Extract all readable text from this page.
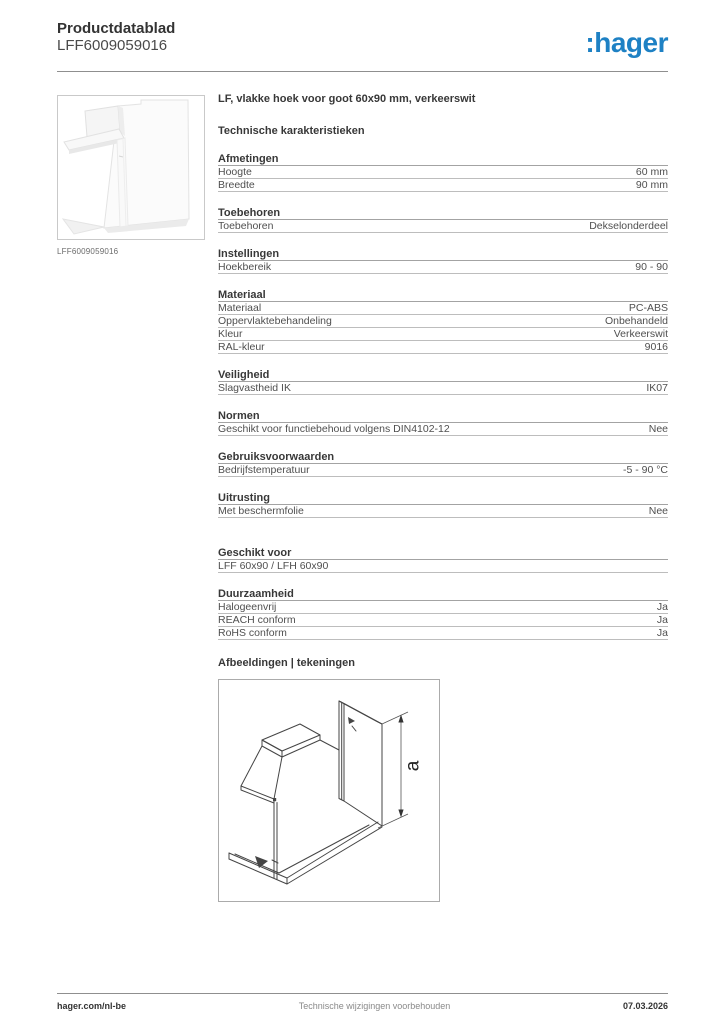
Productdatablad
LFF6009059016	:hager
LFF6009059016
LF, vlakke hoek voor goot 60x90 mm, verkeerswit
Technische karakteristieken
Afmetingen
Hoogte	60 mm
Breedte	90 mm
Toebehoren
Toebehoren	Dekselonderdeel
Instellingen
Hoekbereik	90 - 90
Materiaal
Materiaal	PC-ABS
Oppervlaktebehandeling	Onbehandeld
Kleur	Verkeerswit
RAL-kleur	9016
Veiligheid
Slagvastheid IK	IK07
Normen
Geschikt voor functiebehoud volgens DIN4102-12	Nee
Gebruiksvoorwaarden
Bedrijfstemperatuur	-5 - 90 °C
Uitrusting
Met beschermfolie	Nee
Geschikt voor
LFF 60x90 / LFH 60x90
Duurzaamheid
Halogeenvrij	Ja
REACH conform	Ja
RoHS conform	Ja
Afbeeldingen | tekeningen
a
hager.com/nl-be	Technische wijzigingen voorbehouden	07.03.2026
